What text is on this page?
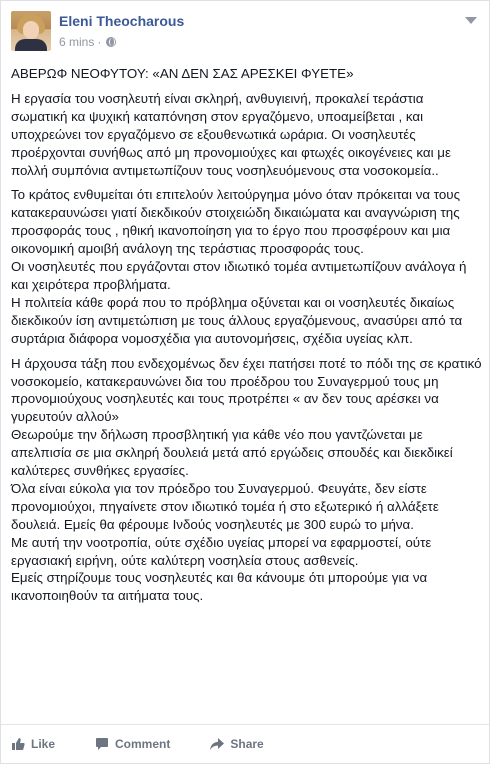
Eleni Theocharous
6 mins ·

ΑΒΕΡΩΦ ΝΕΟΦΥΤΟΥ: «ΑΝ ΔΕΝ ΣΑΣ ΑΡΕΣΚΕΙ ΦΥΕΤΕ»

Η εργασία του νοσηλευτή είναι σκληρή, ανθυγιεινή, προκαλεί τεράστια σωματική κα ψυχική καταπόνηση στον εργαζόμενο, υποαμείβεται , και υποχρεώνει τον εργαζόμενο σε εξουθενωτικά ωράρια. Οι νοσηλευτές προέρχονται συνήθως από μη προνομιούχες και φτωχές οικογένειες και με πολλή συμπόνια αντιμετωπίζουν τους νοσηλευόμενους στα νοσοκομεία..

Το κράτος ενθυμείται ότι επιτελούν λειτούργημα μόνο όταν πρόκειται να τους κατακεραυνώσει γιατί διεκδικούν στοιχειώδη δικαιώματα και αναγνώριση της προσφοράς τους , ηθική ικανοποίηση για το έργο που προσφέρουν και μια οικονομική αμοιβή ανάλογη της τεράστιας προσφοράς τους.

Οι νοσηλευτές που εργάζονται στον ιδιωτικό τομέα αντιμετωπίζουν ανάλογα ή και χειρότερα προβλήματα.

Η πολιτεία κάθε φορά που το πρόβλημα οξύνεται και οι νοσηλευτές δικαίως διεκδικούν ίση αντιμετώπιση με τους άλλους εργαζόμενους, ανασύρει από τα συρτάρια διάφορα νομοσχέδια για αυτονομήσεις, σχέδια υγείας κλπ.

Η άρχουσα τάξη που ενδεχομένως δεν έχει πατήσει ποτέ το πόδι της σε κρατικό νοσοκομείο, κατακεραυνώνει δια του προέδρου του Συναγερμού τους μη προνομιούχους νοσηλευτές και τους προτρέπει « αν δεν τους αρέσκει να γυρευτούν αλλού»

Θεωρούμε την δήλωση προσβλητική για κάθε νέο που γαντζώνεται με απελπισία σε μια σκληρή δουλειά μετά από εργώδεις σπουδές και διεκδικεί καλύτερες συνθήκες εργασίες.

Όλα είναι εύκολα για τον πρόεδρο του Συναγερμού. Φευγάτε, δεν είστε προνομιούχοι, πηγαίνετε στον ιδιωτικό τομέα ή στο εξωτερικό ή αλλάξετε δουλειά. Εμείς θα φέρουμε Ινδούς νοσηλευτές με 300 ευρώ το μήνα.

Με αυτή την νοοτροπία, ούτε σχέδιο υγείας μπορεί να εφαρμοστεί, ούτε εργασιακή ειρήνη, ούτε καλύτερη νοσηλεία στους ασθενείς.

Εμείς στηρίζουμε τους νοσηλευτές και θα κάνουμε ότι μπορούμε για να ικανοποιηθούν τα αιτήματα τους.

Like	Comment	Share
